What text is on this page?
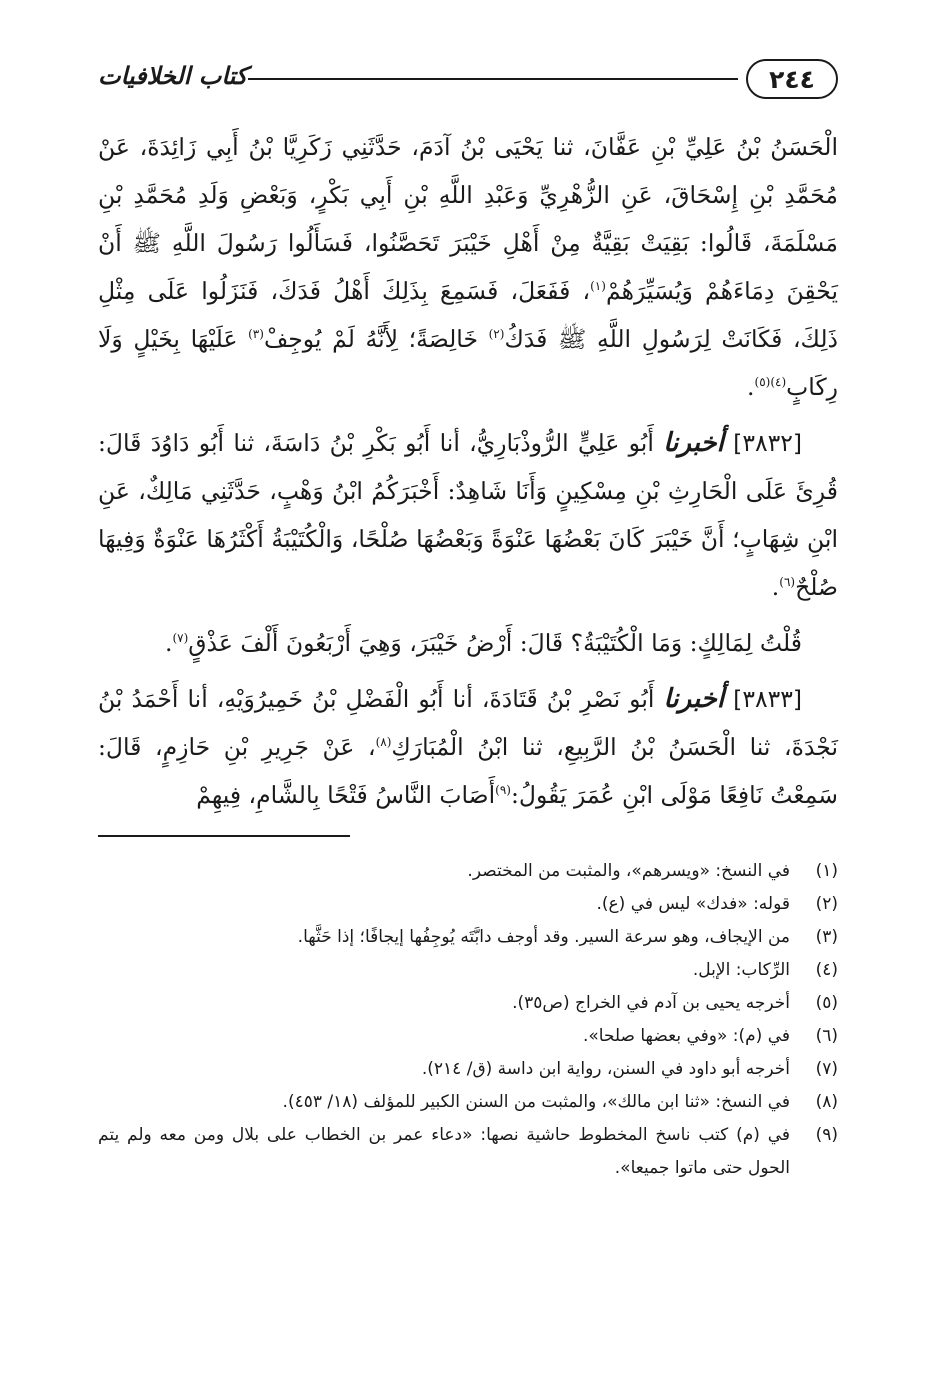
٢٤٤
كتاب الخلافيات

الْحَسَنُ بْنُ عَلِيِّ بْنِ عَفَّانَ، ثنا يَحْيَى بْنُ آدَمَ، حَدَّثَنِي زَكَرِيَّا بْنُ أَبِي زَائِدَةَ، عَنْ مُحَمَّدِ بْنِ إِسْحَاقَ، عَنِ الزُّهْرِيِّ وَعَبْدِ اللَّهِ بْنِ أَبِي بَكْرٍ، وَبَعْضِ وَلَدِ مُحَمَّدِ بْنِ مَسْلَمَةَ، قَالُوا: بَقِيَتْ بَقِيَّةٌ مِنْ أَهْلِ خَيْبَرَ تَحَصَّنُوا، فَسَأَلُوا رَسُولَ اللَّهِ ﷺ أَنْ يَحْقِنَ دِمَاءَهُمْ وَيُسَيِّرَهُمْ$^{(١)}$، فَفَعَلَ، فَسَمِعَ بِذَلِكَ أَهْلُ فَدَكَ، فَنَزَلُوا عَلَى مِثْلِ ذَلِكَ، فَكَانَتْ لِرَسُولِ اللَّهِ ﷺ فَدَكُ$^{(٢)}$ خَالِصَةً؛ لِأَنَّهُ لَمْ يُوجِفْ$^{(٣)}$ عَلَيْهَا بِخَيْلٍ وَلَا رِكَابٍ$^{(٤)(٥)}$.

[٣٨٣٢] أخبرنا أَبُو عَلِيٍّ الرُّوذْبَارِيُّ، أنا أَبُو بَكْرِ بْنُ دَاسَةَ، ثنا أَبُو دَاوُدَ قَالَ: قُرِئَ عَلَى الْحَارِثِ بْنِ مِسْكِينٍ وَأَنَا شَاهِدٌ: أَخْبَرَكُمُ ابْنُ وَهْبٍ، حَدَّثَنِي مَالِكٌ، عَنِ ابْنِ شِهَابٍ؛ أَنَّ خَيْبَرَ كَانَ بَعْضُهَا عَنْوَةً وَبَعْضُهَا صُلْحًا، وَالْكُتَيْبَةُ أَكْثَرُهَا عَنْوَةٌ وَفِيهَا صُلْحٌ$^{(٦)}$.

قُلْتُ لِمَالِكٍ: وَمَا الْكُتَيْبَةُ؟ قَالَ: أَرْضُ خَيْبَرَ، وَهِيَ أَرْبَعُونَ أَلْفَ عَذْقٍ$^{(٧)}$.

[٣٨٣٣] أخبرنا أَبُو نَصْرِ بْنُ قَتَادَةَ، أنا أَبُو الْفَضْلِ بْنُ خَمِيرُوَيْهِ، أنا أَحْمَدُ بْنُ نَجْدَةَ، ثنا الْحَسَنُ بْنُ الرَّبِيعِ، ثنا ابْنُ الْمُبَارَكِ$^{(٨)}$، عَنْ جَرِيرِ بْنِ حَازِمٍ، قَالَ: سَمِعْتُ نَافِعًا مَوْلَى ابْنِ عُمَرَ يَقُولُ:$^{(٩)}$أَصَابَ النَّاسُ فَتْحًا بِالشَّامِ، فِيهِمْ

(١)
في النسخ: «ويسرهم»، والمثبت من المختصر.
(٢)
قوله: «فدك» ليس في (ع).
(٣)
من الإيجاف، وهو سرعة السير. وقد أوجف دابَّتَه يُوجِفُها إيجافًا؛ إذا حَثَّها.
(٤)
الرِّكاب: الإبل.
(٥)
أخرجه يحيى بن آدم في الخراج (ص٣٥).
(٦)
في (م): «وفي بعضها صلحا».
(٧)
أخرجه أبو داود في السنن، رواية ابن داسة (ق/ ٢١٤).
(٨)
في النسخ: «ثنا ابن مالك»، والمثبت من السنن الكبير للمؤلف (١٨/ ٤٥٣).
(٩)
في (م) كتب ناسخ المخطوط حاشية نصها: «دعاء عمر بن الخطاب على بلال ومن معه ولم يتم الحول حتى ماتوا جميعا».
